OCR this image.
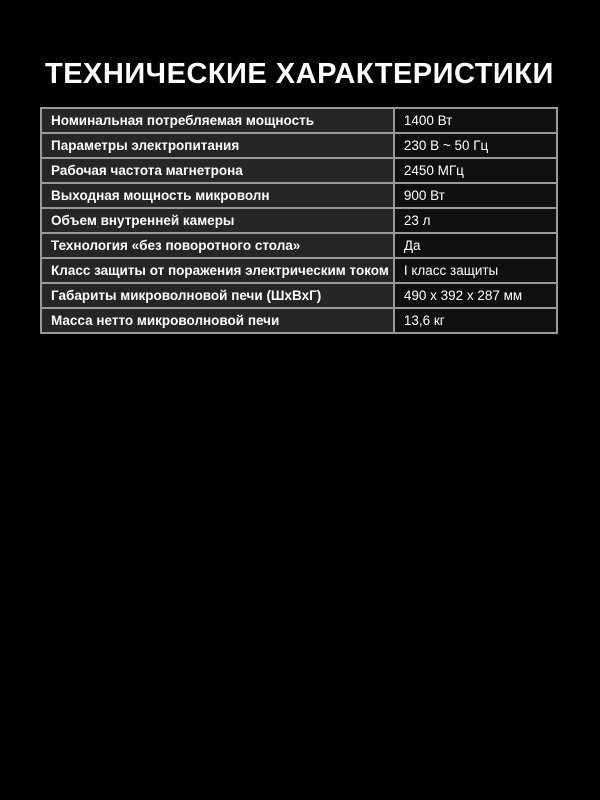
ТЕХНИЧЕСКИЕ ХАРАКТЕРИСТИКИ
Номинальная потребляемая мощность	1400 Вт
Параметры электропитания	230 В ~ 50 Гц
Рабочая частота магнетрона	2450 МГц
Выходная мощность микроволн	900 Вт
Объем внутренней камеры	23 л
Технология «без поворотного стола»	Да
Класс защиты от поражения электрическим током	I класс защиты
Габариты микроволновой печи (ШхВхГ)	490 x 392 x 287 мм
Масса нетто микроволновой печи	13,6 кг
